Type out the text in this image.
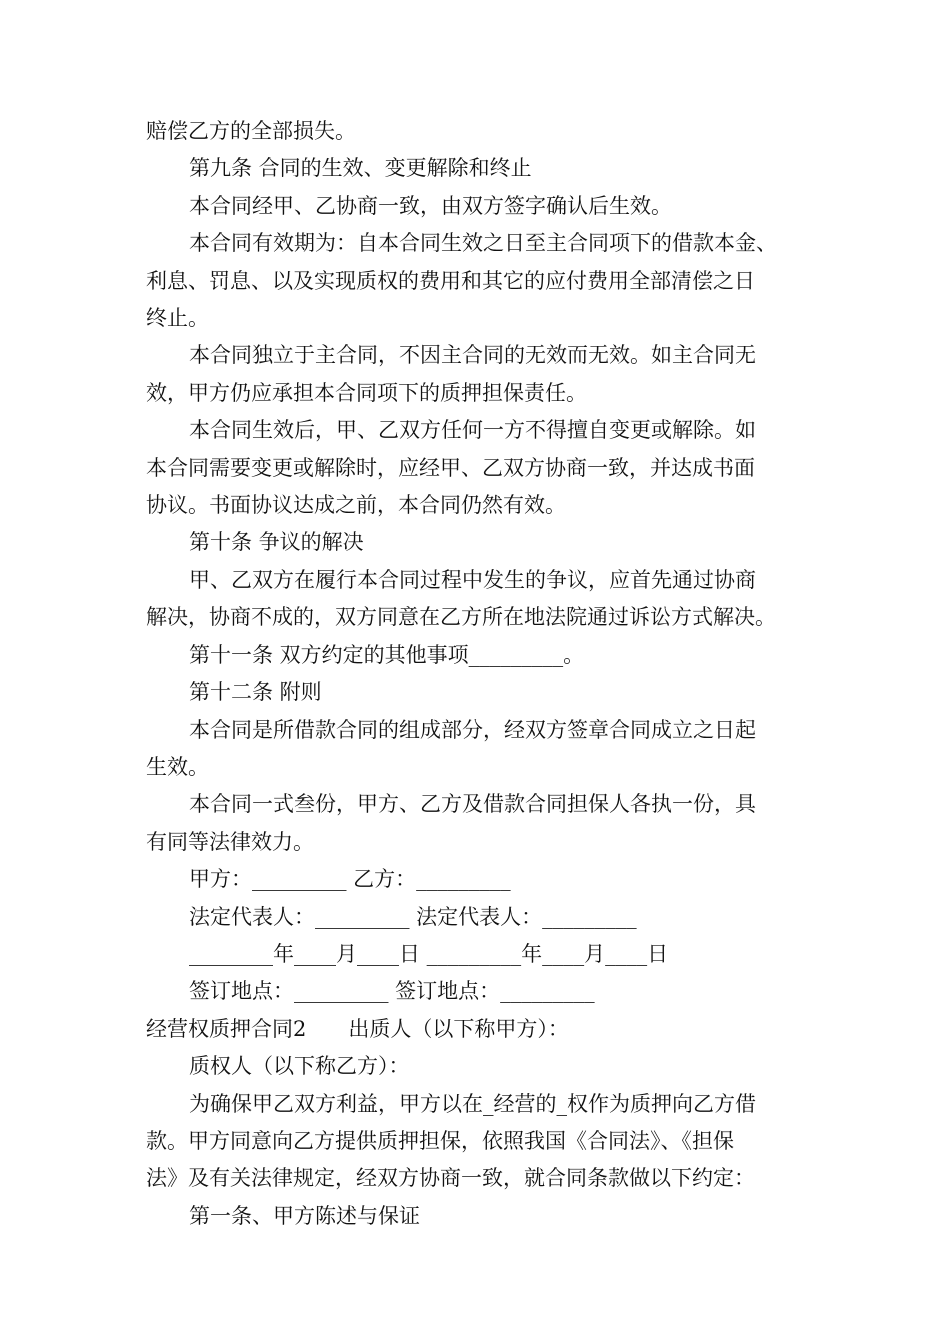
赔偿乙方的全部损失。
第九条 合同的生效、变更解除和终止
本合同经甲、乙协商一致，由双方签字确认后生效。
本合同有效期为：自本合同生效之日至主合同项下的借款本金、
利息、罚息、以及实现质权的费用和其它的应付费用全部清偿之日
终止。
本合同独立于主合同，不因主合同的无效而无效。如主合同无
效，甲方仍应承担本合同项下的质押担保责任。
本合同生效后，甲、乙双方任何一方不得擅自变更或解除。如
本合同需要变更或解除时，应经甲、乙双方协商一致，并达成书面
协议。书面协议达成之前，本合同仍然有效。
第十条 争议的解决
甲、乙双方在履行本合同过程中发生的争议，应首先通过协商
解决，协商不成的，双方同意在乙方所在地法院通过诉讼方式解决。
第十一条 双方约定的其他事项_________。
第十二条 附则
本合同是所借款合同的组成部分，经双方签章合同成立之日起
生效。
本合同一式叁份，甲方、乙方及借款合同担保人各执一份，具
有同等法律效力。
甲方：_________ 乙方：_________
法定代表人：_________ 法定代表人：_________
________年____月____日 _________年____月____日
签订地点：_________ 签订地点：_________
经营权质押合同2　　出质人（以下称甲方）：
质权人（以下称乙方）：
为确保甲乙双方利益，甲方以在_经营的_权作为质押向乙方借
款。甲方同意向乙方提供质押担保，依照我国《合同法》、《担保
法》及有关法律规定，经双方协商一致，就合同条款做以下约定：
第一条、甲方陈述与保证
